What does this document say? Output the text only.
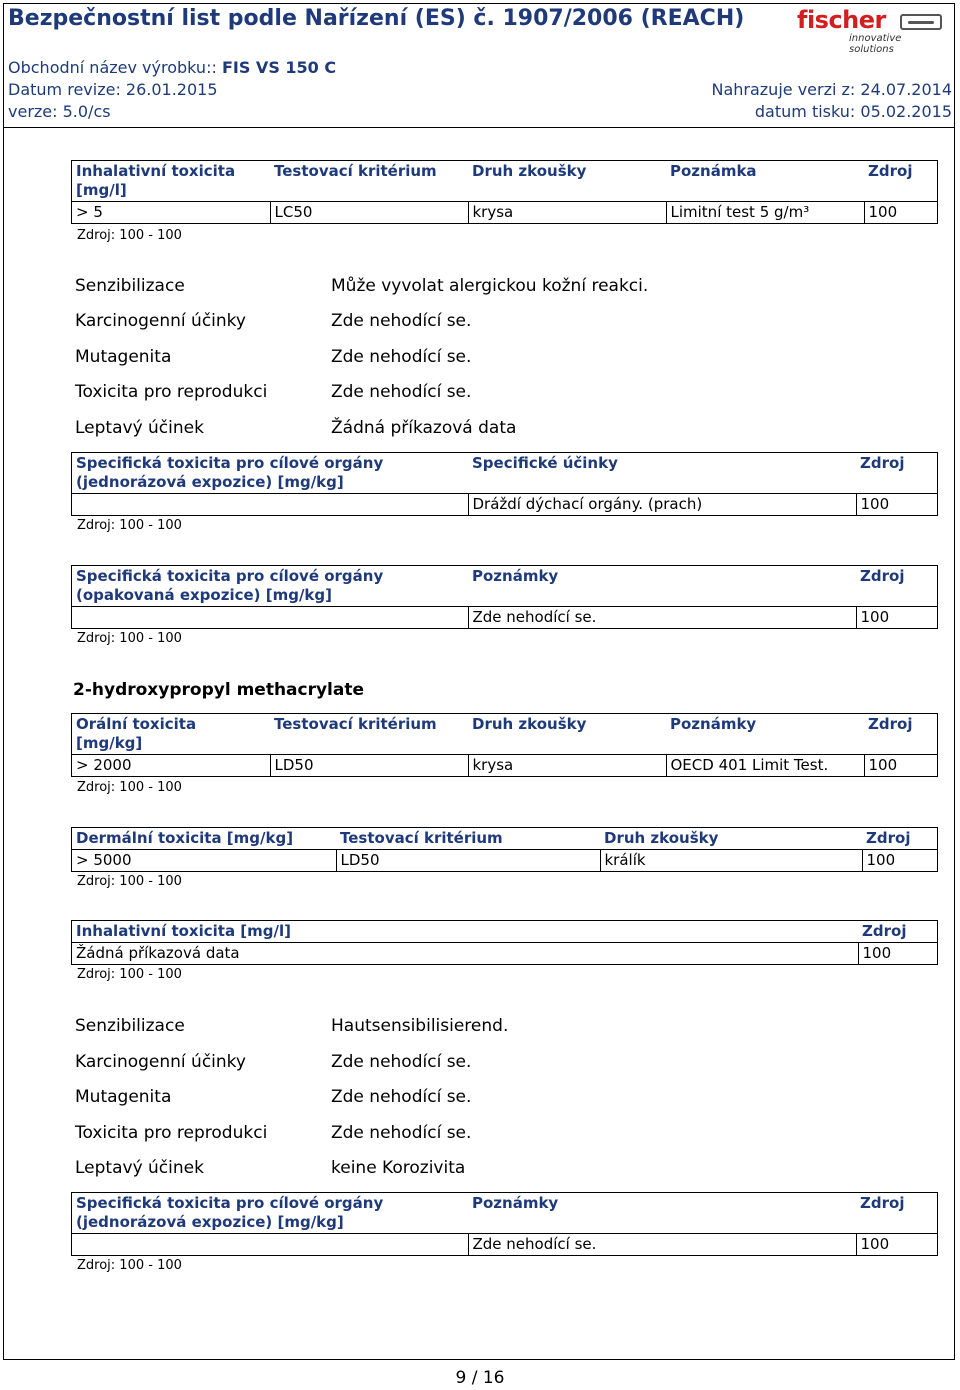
Bezpečnostní list podle Nařízení (ES) č. 1907/2006 (REACH)
Obchodní název výrobku:: FIS VS 150 C
Datum revize: 26.01.2015	Nahrazuje verzi z: 24.07.2014
verze: 5.0/cs	datum tisku: 05.02.2015
fischer
innovative solutions
Inhalativní toxicita [mg/l]	Testovací kritérium	Druh zkoušky	Poznámka	Zdroj
> 5	LC50	krysa	Limitní test 5 g/m³	100
Zdroj: 100 - 100
Senzibilizace	Může vyvolat alergickou kožní reakci.
Karcinogenní účinky	Zde nehodící se.
Mutagenita	Zde nehodící se.
Toxicita pro reprodukci	Zde nehodící se.
Leptavý účinek	Žádná příkazová data
Specifická toxicita pro cílové orgány (jednorázová expozice) [mg/kg]	Specifické účinky	Zdroj
	Dráždí dýchací orgány. (prach)	100
Zdroj: 100 - 100
Specifická toxicita pro cílové orgány (opakovaná expozice) [mg/kg]	Poznámky	Zdroj
	Zde nehodící se.	100
Zdroj: 100 - 100
2-hydroxypropyl methacrylate
Orální toxicita [mg/kg]	Testovací kritérium	Druh zkoušky	Poznámky	Zdroj
> 2000	LD50	krysa	OECD 401 Limit Test.	100
Zdroj: 100 - 100
Dermální toxicita [mg/kg]	Testovací kritérium	Druh zkoušky	Zdroj
> 5000	LD50	králík	100
Zdroj: 100 - 100
Inhalativní toxicita [mg/l]	Zdroj
Žádná příkazová data	100
Zdroj: 100 - 100
Senzibilizace	Hautsensibilisierend.
Karcinogenní účinky	Zde nehodící se.
Mutagenita	Zde nehodící se.
Toxicita pro reprodukci	Zde nehodící se.
Leptavý účinek	keine Korozivita
Specifická toxicita pro cílové orgány (jednorázová expozice) [mg/kg]	Poznámky	Zdroj
	Zde nehodící se.	100
Zdroj: 100 - 100
9 / 16
